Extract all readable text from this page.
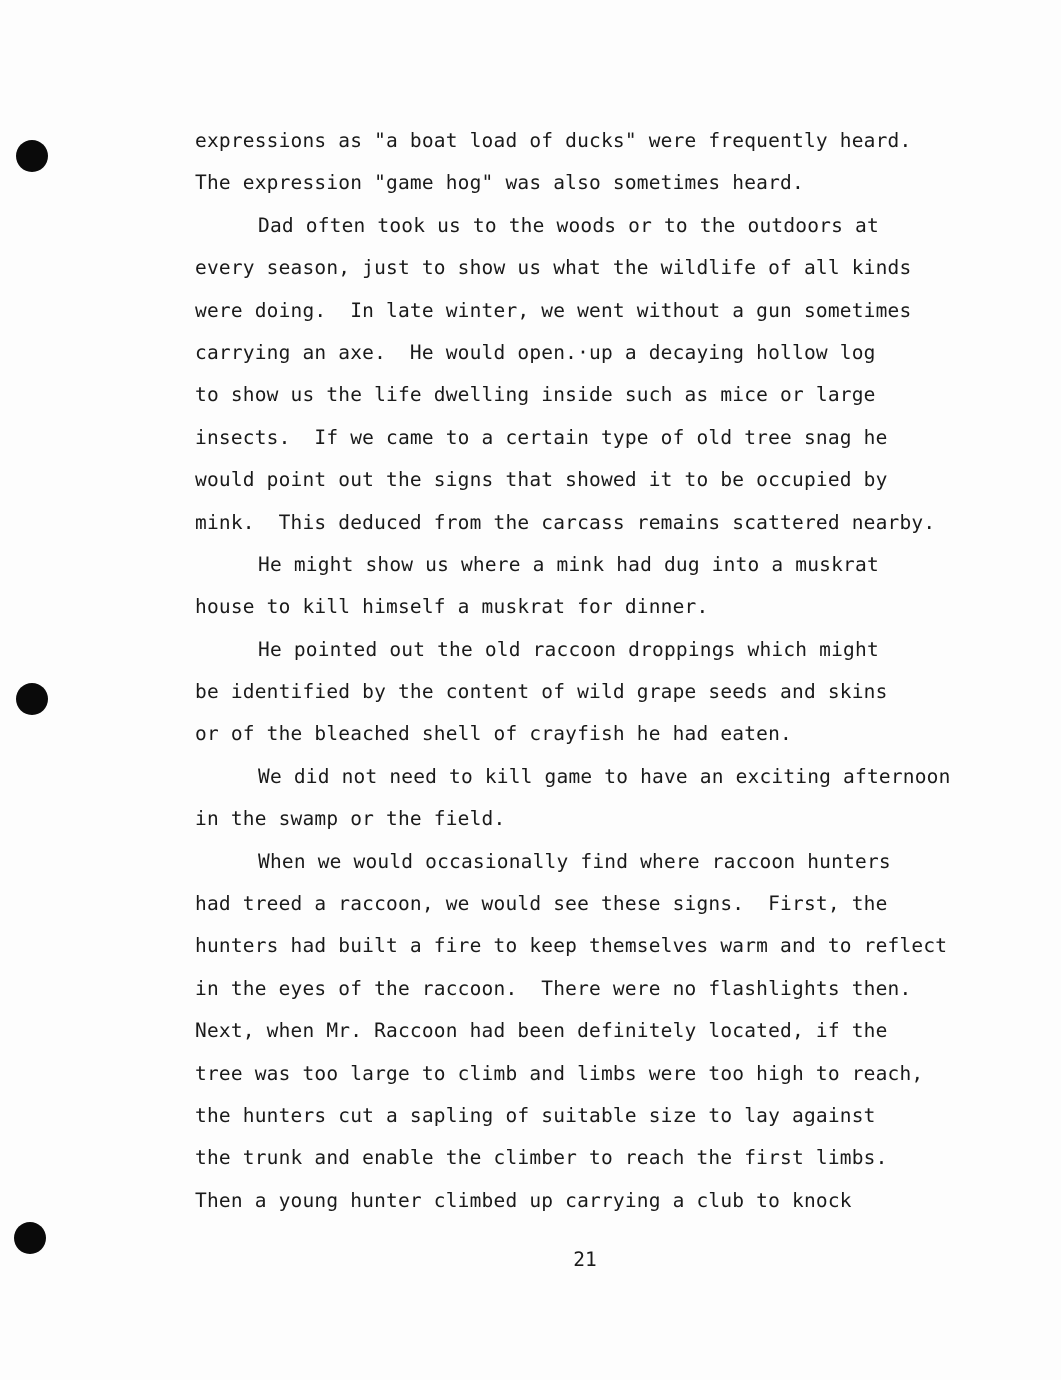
expressions as "a boat load of ducks" were frequently heard.
The expression "game hog" was also sometimes heard.
Dad often took us to the woods or to the outdoors at
every season, just to show us what the wildlife of all kinds
were doing.  In late winter, we went without a gun sometimes
carrying an axe.  He would open.·up a decaying hollow log
to show us the life dwelling inside such as mice or large
insects.  If we came to a certain type of old tree snag he
would point out the signs that showed it to be occupied by
mink.  This deduced from the carcass remains scattered nearby.
He might show us where a mink had dug into a muskrat
house to kill himself a muskrat for dinner.
He pointed out the old raccoon droppings which might
be identified by the content of wild grape seeds and skins
or of the bleached shell of crayfish he had eaten.
We did not need to kill game to have an exciting afternoon
in the swamp or the field.
When we would occasionally find where raccoon hunters
had treed a raccoon, we would see these signs.  First, the
hunters had built a fire to keep themselves warm and to reflect
in the eyes of the raccoon.  There were no flashlights then.
Next, when Mr. Raccoon had been definitely located, if the
tree was too large to climb and limbs were too high to reach,
the hunters cut a sapling of suitable size to lay against
the trunk and enable the climber to reach the first limbs.
Then a young hunter climbed up carrying a club to knock
21
